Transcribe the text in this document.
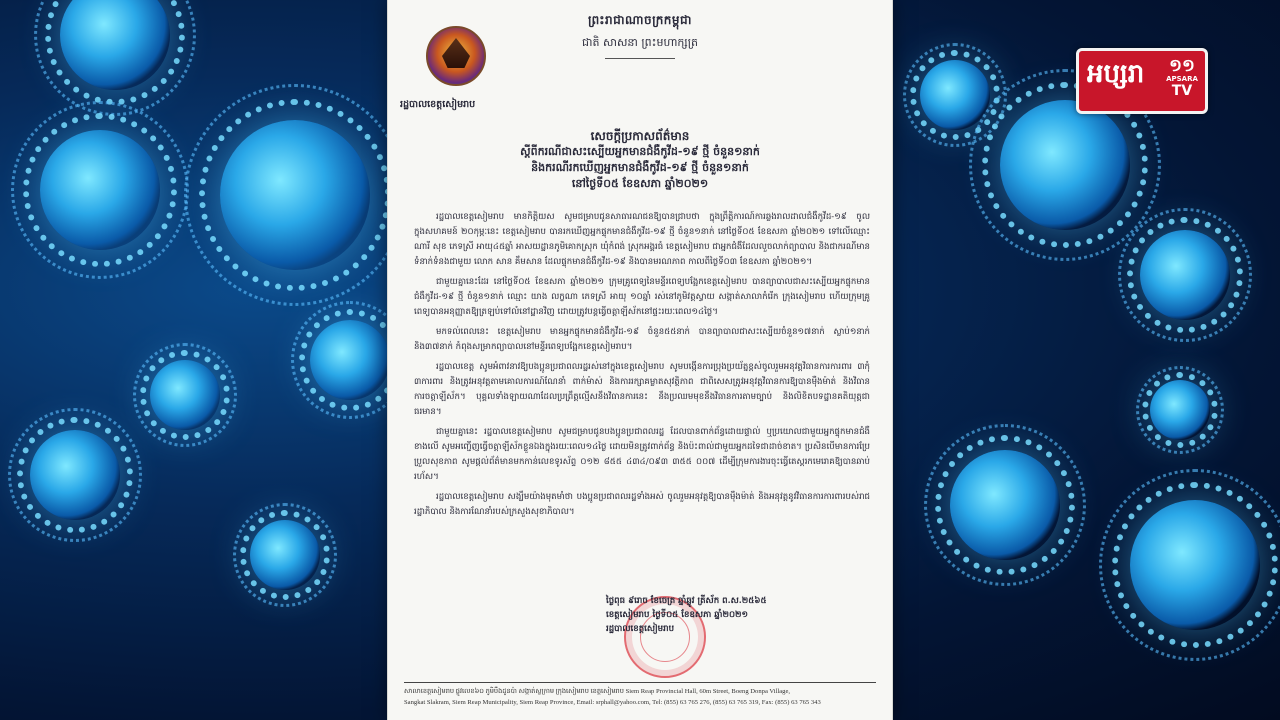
អប្សរា ១១
APSARA
TV
រដ្ឋបាលខេត្តសៀមរាប
ព្រះរាជាណាចក្រកម្ពុជា
ជាតិ សាសនា ព្រះមហាក្សត្រ
សេចក្តីប្រកាសព័ត៌មាន
ស្តីពីករណីជាសះស្បើយអ្នកមានជំងឺកូវីដ-១៩ ថ្មី ចំនួន១នាក់
និងករណីរកឃើញអ្នកមានជំងឺកូវីដ-១៩ ថ្មី ចំនួន១នាក់
នៅថ្ងៃទី០៥ ខែឧសភា ឆ្នាំ២០២១

រដ្ឋបាលខេត្តសៀមរាប មានកិត្តិយស សូមជម្រាបជូនសាធារណជនឱ្យបានជ្រាបថា ក្នុងព្រឹត្តិការណ៍ការឆ្លងរាលដាលជំងឺកូវីដ-១៩ ចូលក្នុងសហគមន៍ ២០កុម្ភៈនេះ ខេត្តសៀមរាប បានរកឃើញអ្នកផ្ទុកមានជំងឺកូវីដ-១៩ ថ្មី ចំនួន១នាក់ នៅថ្ងៃទី០៥ ខែឧសភា ឆ្នាំ២០២១ ទៅលើឈ្មោះ ណារី សុខ ភេទស្រី អាយុ៤៥ឆ្នាំ អាសយដ្ឋានភូមិគោកស្រុក ឃុំកំពង់ ស្រុកអង្គរធំ ខេត្តសៀមរាប ជាអ្នកជំងឺដែលលួចលាក់ព្យាបាល និងជាករណីមានទំនាក់ទំនងជាមួយ លោក សាន គឹមសាន ដែលផ្ទុកមានជំងឺកូវីដ-១៩ និងបានមរណភាព កាលពីថ្ងៃទី០៣ ខែឧសភា ឆ្នាំ២០២១។

ជាមួយគ្នានេះដែរ នៅថ្ងៃទី០៥ ខែឧសភា ឆ្នាំ២០២១ ក្រុមគ្រូពេទ្យនៃមន្ទីរពេទ្យបង្អែកខេត្តសៀមរាប បានព្យាបាលជាសះស្បើយអ្នកផ្ទុកមានជំងឺកូវីដ-១៩ ថ្មី ចំនួន១នាក់ ឈ្មោះ យាង លក្ខណា ភេទស្រី អាយុ ១០ឆ្នាំ រស់នៅភូមិវត្តស្វាយ សង្កាត់សាលាកំរើក ក្រុងសៀមរាប ហើយក្រុមគ្រូពេទ្យបានអនុញ្ញាតឱ្យត្រឡប់ទៅលំនៅដ្ឋានវិញ ដោយត្រូវបន្តធ្វើចត្តាឡីស័កនៅផ្ទះរយៈពេល១៤ថ្ងៃ។

មកទល់ពេលនេះ ខេត្តសៀមរាប មានអ្នកផ្ទុកមានជំងឺកូវីដ-១៩ ចំនួន៥៥នាក់ បានព្យាបាលជាសះស្បើយចំនួន១៧នាក់ ស្លាប់១នាក់ និង៣៧នាក់ កំពុងសម្រាកព្យាបាលនៅមន្ទីរពេទ្យបង្អែកខេត្តសៀមរាប។

រដ្ឋបាលខេត្ត សូមអំពាវនាវឱ្យបងប្អូនប្រជាពលរដ្ឋរស់នៅក្នុងខេត្តសៀមរាប សូមបង្កើនការប្រុងប្រយ័ត្នខ្ពស់ចូលរួមអនុវត្តវិធានការការពារ ៣កុំ ៣ការពារ និងត្រូវអនុវត្តតាមគោលការណ៍ណែនាំ ពាក់ម៉ាស់ និងការរក្សាគម្លាតសុវត្ថិភាព ជាពិសេសត្រូវអនុវត្តវិធានការឱ្យបានម៉ឺងម៉ាត់ និងវិធានការចត្តាឡីស័ក។ បុគ្គលទាំងឡាយណាដែលប្រព្រឹត្តល្មើសនឹងវិធានការនេះ នឹងប្រឈមមុខនឹងវិធានការតាមច្បាប់ និងលិខិតបទដ្ឋានគតិយុត្តជាធរមាន។

ជាមួយគ្នានេះ រដ្ឋបាលខេត្តសៀមរាប សូមជម្រាបជូនបងប្អូនប្រជាពលរដ្ឋ ដែលបានពាក់ព័ន្ធដោយផ្ទាល់ ឬប្រយោលជាមួយអ្នកផ្ទុកមានជំងឺខាងលើ សូមអញ្ជើញធ្វើចត្តាឡីស័កខ្លួនឯងក្នុងរយៈពេល១៤ថ្ងៃ ដោយមិនត្រូវពាក់ព័ន្ធ និងប៉ះពាល់ជាមួយអ្នកដទៃជាដាច់ខាត។ ប្រសិនបើមានការប្រែប្រួលសុខភាព សូមផ្តល់ព័ត៌មានមកកាន់លេខទូរស័ព្ទ ០១២ ៨៥៥ ៤៣៤/០៩៣ ៣៥៥ ០០៧ ដើម្បីក្រុមការងារចុះធ្វើតេស្តរកមេរោគឱ្យបានឆាប់រហ័ស។

រដ្ឋបាលខេត្តសៀមរាប សង្ឃឹមយ៉ាងមុតមាំថា បងប្អូនប្រជាពលរដ្ឋទាំងអស់ ចូលរួមអនុវត្តឱ្យបានម៉ឺងម៉ាត់ និងអនុវត្តនូវវិធានការការពារបស់រាជរដ្ឋាភិបាល និងការណែនាំរបស់ក្រសួងសុខាភិបាល។

ថ្ងៃពុធ ៩រោច ខែចេត្រ ឆ្នាំឆ្លូវ ត្រីស័ក ព.ស.២៥៦៥
ខេត្តសៀមរាប ថ្ងៃទី០៥ ខែឧសភា ឆ្នាំ២០២១
រដ្ឋបាលខេត្តសៀមរាប
សាលាខេត្តសៀមរាប ផ្លូវលេខ៦០ ភូមិបឹងដូនប៉ា សង្កាត់ស្លក្រាម ក្រុងសៀមរាប ខេត្តសៀមរាប Siem Reap Provincial Hall, 60m Street, Boeng Donpa Village,
Sangkat Slakram, Siem Reap Municipality, Siem Reap Province, Email: srphall@yahoo.com, Tel: (855) 63 765 276, (855) 63 765 319, Fax: (855) 63 765 343
